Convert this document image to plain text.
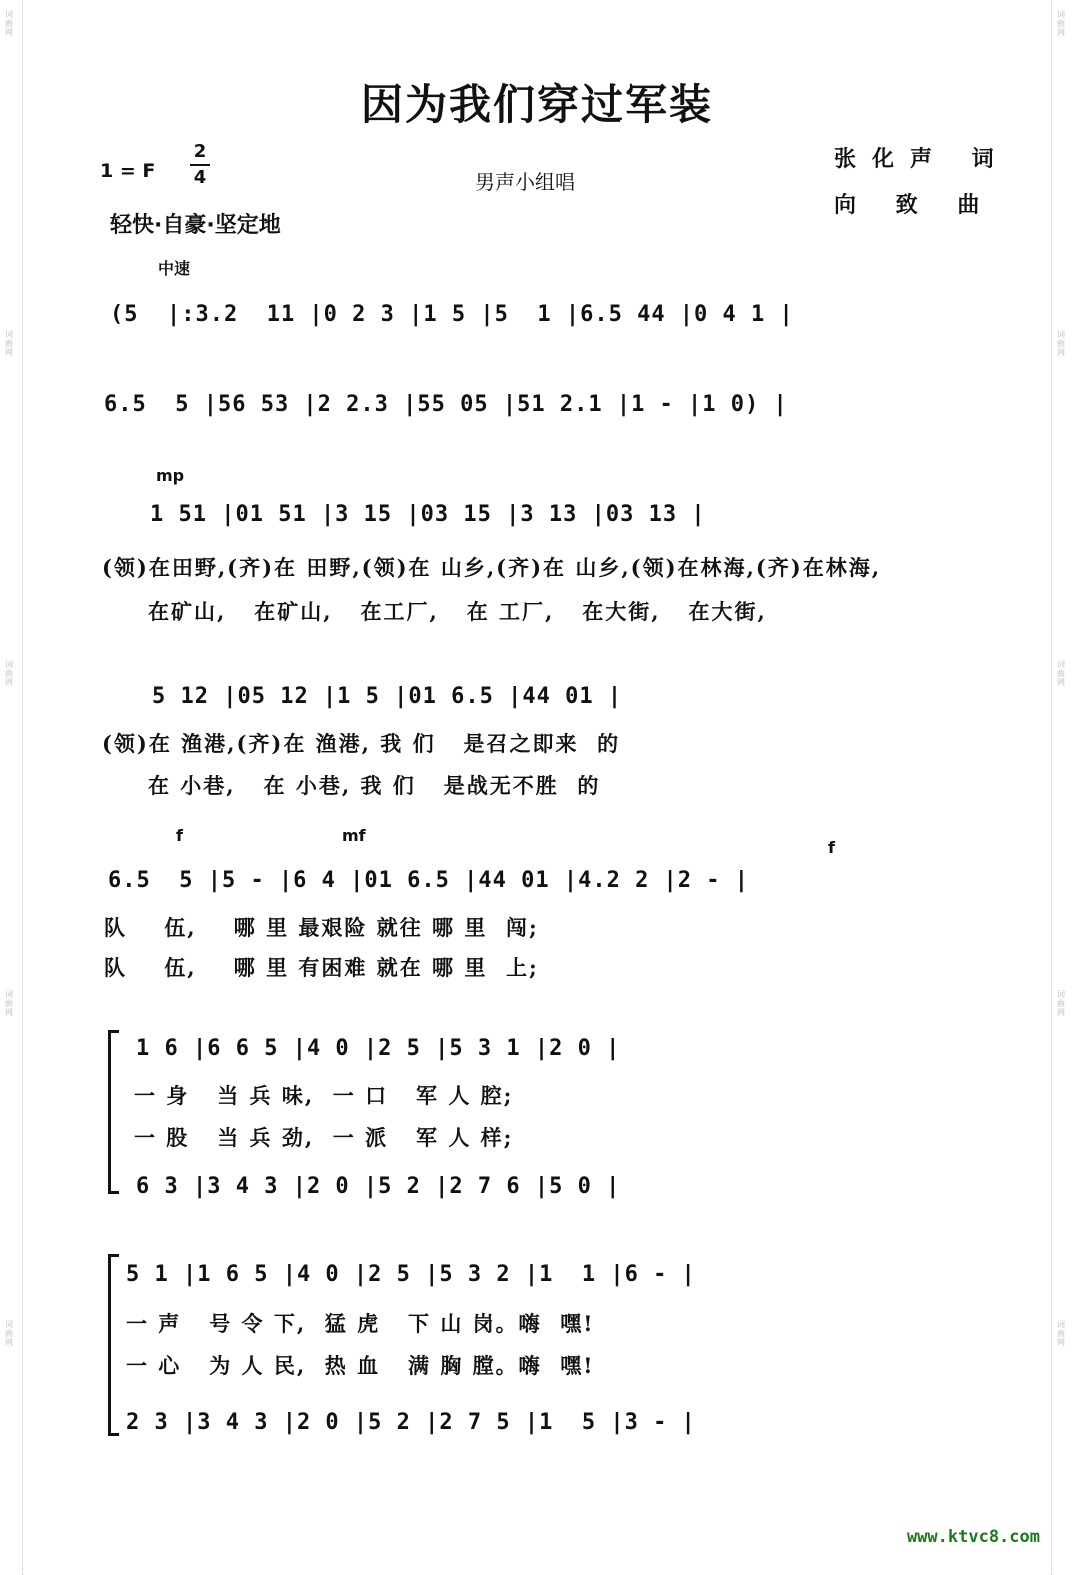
词曲网
词曲网
词曲网
词曲网
词曲网
词曲网
词曲网
词曲网
词曲网
词曲网
因为我们穿过军装
1 = F
2
4	男声小组唱
张化声 词
向 致 曲
轻快·自豪·坚定地
中速
(5  |:3.2  11 |0 2 3 |1 5 |5  1 |6.5 44 |0 4 1 |
6.5  5 |56 53 |2 2.3 |55 05 |51 2.1 |1 - |1 0) |
mp
1 51 |01 51 |3 15 |03 15 |3 13 |03 13 |
(领)在田野,(齐)在 田野,(领)在 山乡,(齐)在 山乡,(领)在林海,(齐)在林海,
在矿山,   在矿山,   在工厂,   在 工厂,   在大街,   在大街,
5 12 |05 12 |1 5 |01 6.5 |44 01 |
(领)在 渔港,(齐)在 渔港, 我 们   是召之即来  的
在 小巷,   在 小巷, 我 们   是战无不胜  的
f	mf
f
6.5  5 |5 - |6 4 |01 6.5 |44 01 |4.2 2 |2 - |
队    伍,    哪 里 最艰险 就往 哪 里  闯;
队    伍,    哪 里 有困难 就在 哪 里  上;
1 6 |6 6 5 |4 0 |2 5 |5 3 1 |2 0 |
一 身   当 兵 味,  一 口   军 人 腔;
一 股   当 兵 劲,  一 派   军 人 样;
6 3 |3 4 3 |2 0 |5 2 |2 7 6 |5 0 |
5 1 |1 6 5 |4 0 |2 5 |5 3 2 |1  1 |6 - |
一 声   号 令 下,  猛 虎   下 山 岗。嗨  嘿!
一 心   为 人 民,  热 血   满 胸 膛。嗨  嘿!
2 3 |3 4 3 |2 0 |5 2 |2 7 5 |1  5 |3 - |
www.ktvc8.com
